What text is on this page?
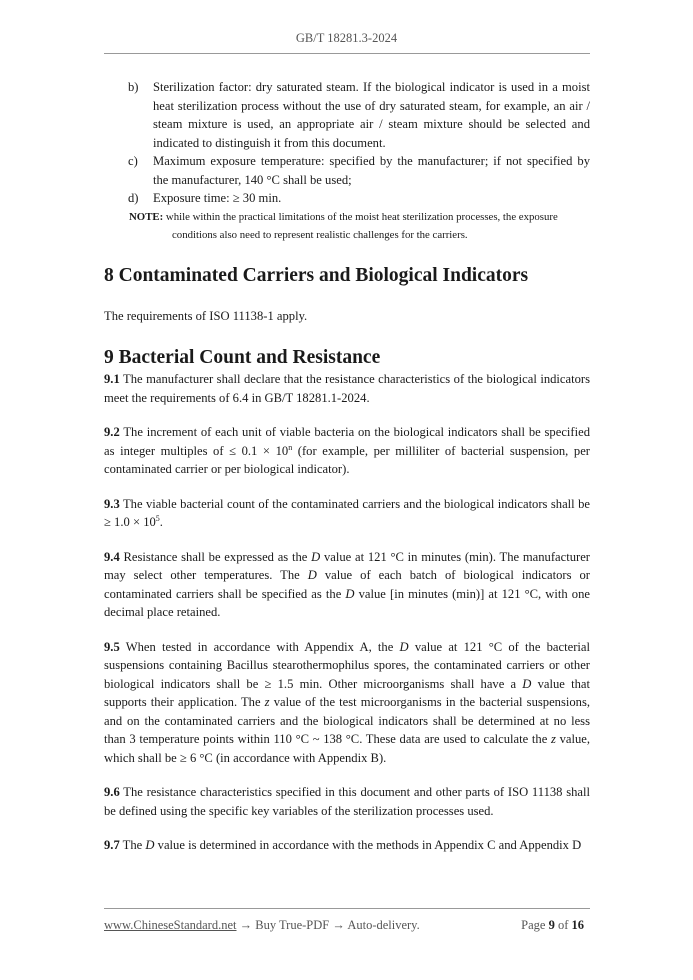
GB/T 18281.3-2024

b) Sterilization factor: dry saturated steam. If the biological indicator is used in a moist heat sterilization process without the use of dry saturated steam, for example, an air / steam mixture is used, an appropriate air / steam mixture should be selected and indicated to distinguish it from this document.

c) Maximum exposure temperature: specified by the manufacturer; if not specified by the manufacturer, 140 °C shall be used;

d) Exposure time: ≥ 30 min.

NOTE: while within the practical limitations of the moist heat sterilization processes, the exposure
conditions also need to represent realistic challenges for the carriers.

8 Contaminated Carriers and Biological Indicators

The requirements of ISO 11138-1 apply.

9 Bacterial Count and Resistance

9.1 The manufacturer shall declare that the resistance characteristics of the biological indicators meet the requirements of 6.4 in GB/T 18281.1-2024.

9.2 The increment of each unit of viable bacteria on the biological indicators shall be specified as integer multiples of ≤ $0.1 \times 10^n$ (for example, per milliliter of bacterial suspension, per contaminated carrier or per biological indicator).

9.3 The viable bacterial count of the contaminated carriers and the biological indicators shall be ≥ $1.0 \times 10^5$.

9.4 Resistance shall be expressed as the D value at 121 °C in minutes (min). The manufacturer may select other temperatures. The D value of each batch of biological indicators or contaminated carriers shall be specified as the D value [in minutes (min)] at 121 °C, with one decimal place retained.

9.5 When tested in accordance with Appendix A, the D value at 121 °C of the bacterial suspensions containing Bacillus stearothermophilus spores, the contaminated carriers or other biological indicators shall be ≥ 1.5 min. Other microorganisms shall have a D value that supports their application. The z value of the test microorganisms in the bacterial suspensions, and on the contaminated carriers and the biological indicators shall be determined at no less than 3 temperature points within 110 °C ~ 138 °C. These data are used to calculate the z value, which shall be ≥ 6 °C (in accordance with Appendix B).

9.6 The resistance characteristics specified in this document and other parts of ISO 11138 shall be defined using the specific key variables of the sterilization processes used.

9.7 The D value is determined in accordance with the methods in Appendix C and Appendix D

www.ChineseStandard.net → Buy True-PDF → Auto-delivery.	Page 9 of 16
